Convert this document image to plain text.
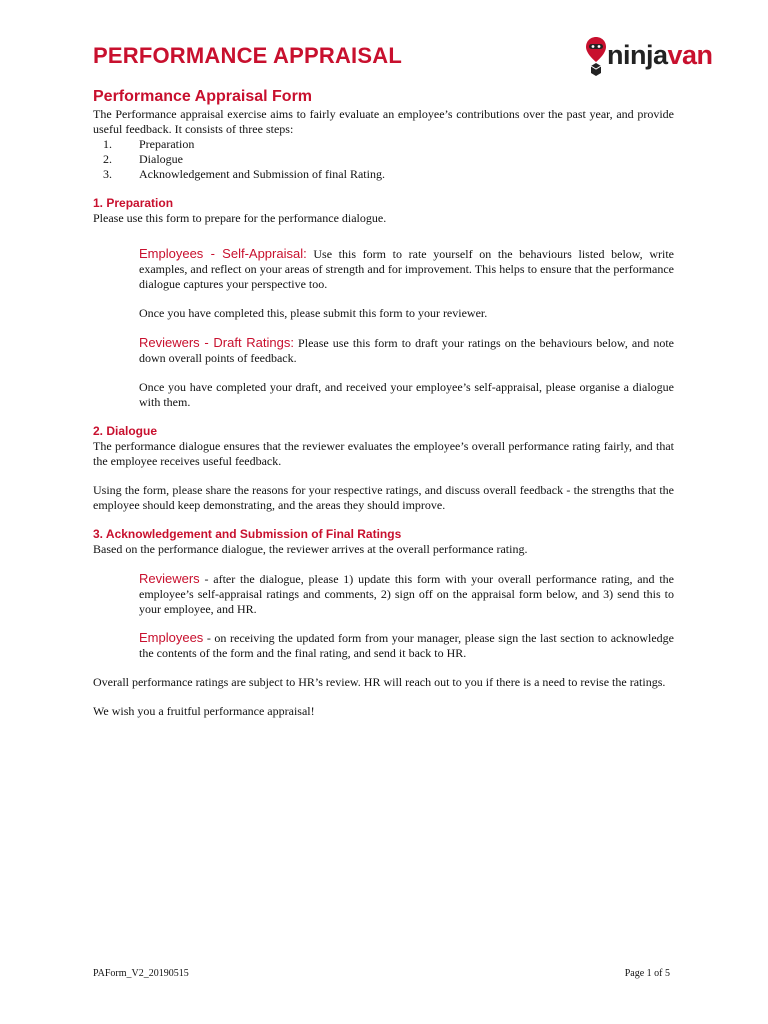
PERFORMANCE APPRAISAL	ninjavan
Performance Appraisal Form

The Performance appraisal exercise aims to fairly evaluate an employee’s contributions over the past year, and provide useful feedback. It consists of three steps:

1. Preparation
2. Dialogue
3. Acknowledgement and Submission of final Rating.
1. Preparation

Please use this form to prepare for the performance dialogue.

Employees - Self-Appraisal: Use this form to rate yourself on the behaviours listed below, write examples, and reflect on your areas of strength and for improvement. This helps to ensure that the performance dialogue captures your perspective too.

Once you have completed this, please submit this form to your reviewer.

Reviewers - Draft Ratings: Please use this form to draft your ratings on the behaviours below, and note down overall points of feedback.

Once you have completed your draft, and received your employee’s self-appraisal, please organise a dialogue with them.

2. Dialogue

The performance dialogue ensures that the reviewer evaluates the employee’s overall performance rating fairly, and that the employee receives useful feedback.

Using the form, please share the reasons for your respective ratings, and discuss overall feedback - the strengths that the employee should keep demonstrating, and the areas they should improve.

3. Acknowledgement and Submission of Final Ratings

Based on the performance dialogue, the reviewer arrives at the overall performance rating.

Reviewers - after the dialogue, please 1) update this form with your overall performance rating, and the employee’s self-appraisal ratings and comments, 2) sign off on the appraisal form below, and 3) send this to your employee, and HR.

Employees - on receiving the updated form from your manager, please sign the last section to acknowledge the contents of the form and the final rating, and send it back to HR.

Overall performance ratings are subject to HR’s review. HR will reach out to you if there is a need to revise the ratings.

We wish you a fruitful performance appraisal!

PAForm_V2_20190515	Page 1 of 5
